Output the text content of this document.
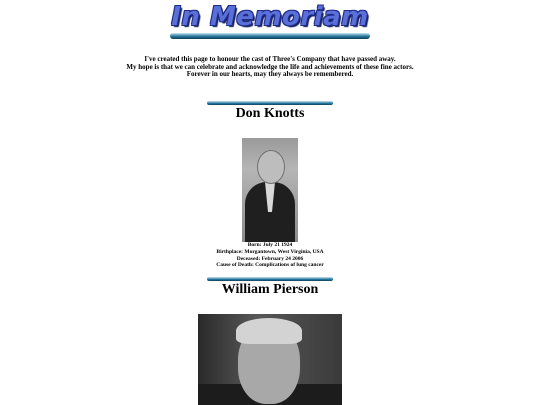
In Memoriam
I've created this page to honour the cast of Three's Company that have passed away.
My hope is that we can celebrate and acknowledge the life and achievements of these fine actors.
Forever in our hearts, may they always be remembered.
Don Knotts
Born: July 21 1924
Birthplace: Morgantown, West Virginia, USA
Deceased: February 24 2006
Cause of Death: Complications of lung cancer
William Pierson
